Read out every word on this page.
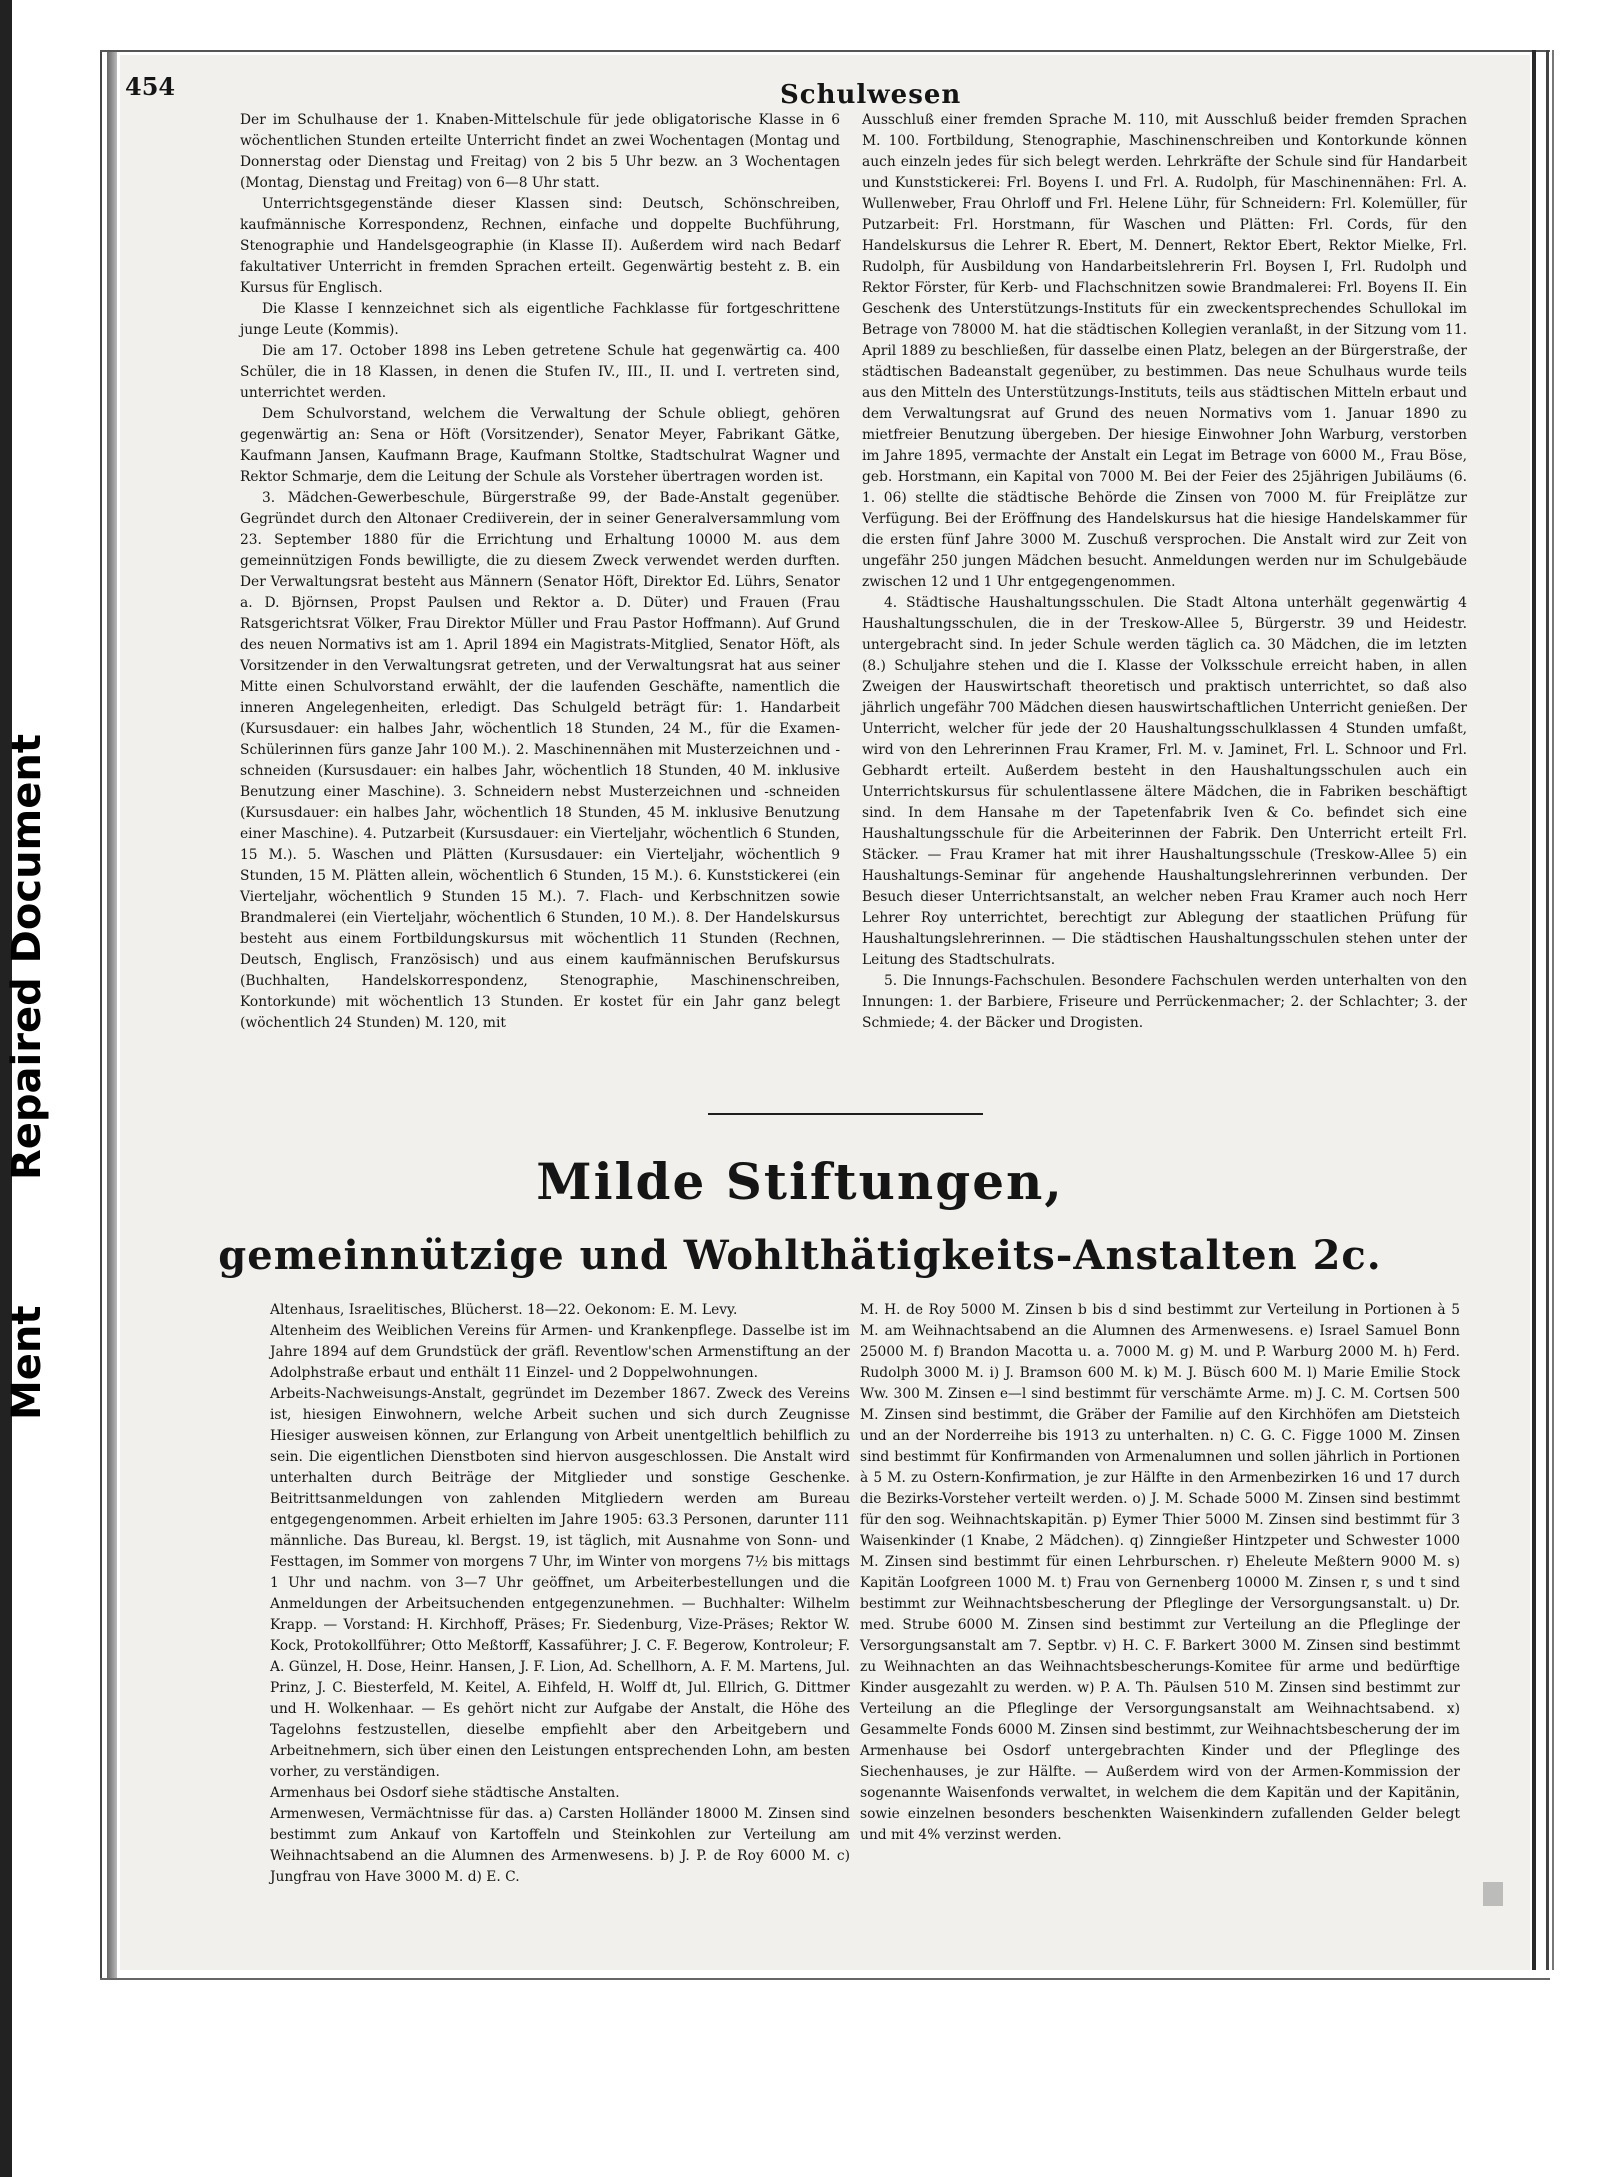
Repaired Document
Ment
454	Schulwesen

Der im Schulhause der 1. Knaben-Mittelschule für jede obligatorische Klasse in 6 wöchentlichen Stunden erteilte Unterricht findet an zwei Wochentagen (Montag und Donnerstag oder Dienstag und Freitag) von 2 bis 5 Uhr bezw. an 3 Wochentagen (Montag, Dienstag und Freitag) von 6—8 Uhr statt.

Unterrichtsgegenstände dieser Klassen sind: Deutsch, Schönschreiben, kaufmännische Korrespondenz, Rechnen, einfache und doppelte Buchführung, Stenographie und Handelsgeographie (in Klasse II). Außerdem wird nach Bedarf fakultativer Unterricht in fremden Sprachen erteilt. Gegenwärtig besteht z. B. ein Kursus für Englisch.

Die Klasse I kennzeichnet sich als eigentliche Fachklasse für fortgeschrittene junge Leute (Kommis).

Die am 17. October 1898 ins Leben getretene Schule hat gegenwärtig ca. 400 Schüler, die in 18 Klassen, in denen die Stufen IV., III., II. und I. vertreten sind, unterrichtet werden.

Dem Schulvorstand, welchem die Verwaltung der Schule obliegt, gehören gegenwärtig an: Sena or Höft (Vorsitzender), Senator Meyer, Fabrikant Gätke, Kaufmann Jansen, Kaufmann Brage, Kaufmann Stoltke, Stadtschulrat Wagner und Rektor Schmarje, dem die Leitung der Schule als Vorsteher übertragen worden ist.

3. Mädchen-Gewerbeschule, Bürgerstraße 99, der Bade-Anstalt gegenüber. Gegründet durch den Altonaer Crediiverein, der in seiner Generalversammlung vom 23. September 1880 für die Errichtung und Erhaltung 10000 M. aus dem gemeinnützigen Fonds bewilligte, die zu diesem Zweck verwendet werden durften. Der Verwaltungsrat besteht aus Männern (Senator Höft, Direktor Ed. Lührs, Senator a. D. Björnsen, Propst Paulsen und Rektor a. D. Düter) und Frauen (Frau Ratsgerichtsrat Völker, Frau Direktor Müller und Frau Pastor Hoffmann). Auf Grund des neuen Normativs ist am 1. April 1894 ein Magistrats-Mitglied, Senator Höft, als Vorsitzender in den Verwaltungsrat getreten, und der Verwaltungsrat hat aus seiner Mitte einen Schulvorstand erwählt, der die laufenden Geschäfte, namentlich die inneren Angelegenheiten, erledigt. Das Schulgeld beträgt für: 1. Handarbeit (Kursusdauer: ein halbes Jahr, wöchentlich 18 Stunden, 24 M., für die Examen-Schülerinnen fürs ganze Jahr 100 M.). 2. Maschinennähen mit Musterzeichnen und -schneiden (Kursusdauer: ein halbes Jahr, wöchentlich 18 Stunden, 40 M. inklusive Benutzung einer Maschine). 3. Schneidern nebst Musterzeichnen und -schneiden (Kursusdauer: ein halbes Jahr, wöchentlich 18 Stunden, 45 M. inklusive Benutzung einer Maschine). 4. Putzarbeit (Kursusdauer: ein Vierteljahr, wöchentlich 6 Stunden, 15 M.). 5. Waschen und Plätten (Kursusdauer: ein Vierteljahr, wöchentlich 9 Stunden, 15 M. Plätten allein, wöchentlich 6 Stunden, 15 M.). 6. Kunststickerei (ein Vierteljahr, wöchentlich 9 Stunden 15 M.). 7. Flach- und Kerbschnitzen sowie Brandmalerei (ein Vierteljahr, wöchentlich 6 Stunden, 10 M.). 8. Der Handelskursus besteht aus einem Fortbildungskursus mit wöchentlich 11 Stunden (Rechnen, Deutsch, Englisch, Französisch) und aus einem kaufmännischen Berufskursus (Buchhalten, Handelskorrespondenz, Stenographie, Maschinenschreiben, Kontorkunde) mit wöchentlich 13 Stunden. Er kostet für ein Jahr ganz belegt (wöchentlich 24 Stunden) M. 120, mit

Ausschluß einer fremden Sprache M. 110, mit Ausschluß beider fremden Sprachen M. 100. Fortbildung, Stenographie, Maschinenschreiben und Kontorkunde können auch einzeln jedes für sich belegt werden. Lehrkräfte der Schule sind für Handarbeit und Kunststickerei: Frl. Boyens I. und Frl. A. Rudolph, für Maschinennähen: Frl. A. Wullenweber, Frau Ohrloff und Frl. Helene Lühr, für Schneidern: Frl. Kolemüller, für Putzarbeit: Frl. Horstmann, für Waschen und Plätten: Frl. Cords, für den Handelskursus die Lehrer R. Ebert, M. Dennert, Rektor Ebert, Rektor Mielke, Frl. Rudolph, für Ausbildung von Handarbeitslehrerin Frl. Boysen I, Frl. Rudolph und Rektor Förster, für Kerb- und Flachschnitzen sowie Brandmalerei: Frl. Boyens II. Ein Geschenk des Unterstützungs-Instituts für ein zweckentsprechendes Schullokal im Betrage von 78000 M. hat die städtischen Kollegien veranlaßt, in der Sitzung vom 11. April 1889 zu beschließen, für dasselbe einen Platz, belegen an der Bürgerstraße, der städtischen Badeanstalt gegenüber, zu bestimmen. Das neue Schulhaus wurde teils aus den Mitteln des Unterstützungs-Instituts, teils aus städtischen Mitteln erbaut und dem Verwaltungsrat auf Grund des neuen Normativs vom 1. Januar 1890 zu mietfreier Benutzung übergeben. Der hiesige Einwohner John Warburg, verstorben im Jahre 1895, vermachte der Anstalt ein Legat im Betrage von 6000 M., Frau Böse, geb. Horstmann, ein Kapital von 7000 M. Bei der Feier des 25jährigen Jubiläums (6. 1. 06) stellte die städtische Behörde die Zinsen von 7000 M. für Freiplätze zur Verfügung. Bei der Eröffnung des Handelskursus hat die hiesige Handelskammer für die ersten fünf Jahre 3000 M. Zuschuß versprochen. Die Anstalt wird zur Zeit von ungefähr 250 jungen Mädchen besucht. Anmeldungen werden nur im Schulgebäude zwischen 12 und 1 Uhr entgegengenommen.

4. Städtische Haushaltungsschulen. Die Stadt Altona unterhält gegenwärtig 4 Haushaltungsschulen, die in der Treskow-Allee 5, Bürgerstr. 39 und Heidestr. untergebracht sind. In jeder Schule werden täglich ca. 30 Mädchen, die im letzten (8.) Schuljahre stehen und die I. Klasse der Volksschule erreicht haben, in allen Zweigen der Hauswirtschaft theoretisch und praktisch unterrichtet, so daß also jährlich ungefähr 700 Mädchen diesen hauswirtschaftlichen Unterricht genießen. Der Unterricht, welcher für jede der 20 Haushaltungsschulklassen 4 Stunden umfaßt, wird von den Lehrerinnen Frau Kramer, Frl. M. v. Jaminet, Frl. L. Schnoor und Frl. Gebhardt erteilt. Außerdem besteht in den Haushaltungsschulen auch ein Unterrichtskursus für schulentlassene ältere Mädchen, die in Fabriken beschäftigt sind. In dem Hansahe m der Tapetenfabrik Iven & Co. befindet sich eine Haushaltungsschule für die Arbeiterinnen der Fabrik. Den Unterricht erteilt Frl. Stäcker. — Frau Kramer hat mit ihrer Haushaltungsschule (Treskow-Allee 5) ein Haushaltungs-Seminar für angehende Haushaltungslehrerinnen verbunden. Der Besuch dieser Unterrichtsanstalt, an welcher neben Frau Kramer auch noch Herr Lehrer Roy unterrichtet, berechtigt zur Ablegung der staatlichen Prüfung für Haushaltungslehrerinnen. — Die städtischen Haushaltungsschulen stehen unter der Leitung des Stadtschulrats.

5. Die Innungs-Fachschulen. Besondere Fachschulen werden unterhalten von den Innungen: 1. der Barbiere, Friseure und Perrückenmacher; 2. der Schlachter; 3. der Schmiede; 4. der Bäcker und Drogisten.

Milde Stiftungen,
gemeinnützige und Wohlthätigkeits-Anstalten 2c.

Altenhaus, Israelitisches, Blücherst. 18—22. Oekonom: E. M. Levy.

Altenheim des Weiblichen Vereins für Armen- und Krankenpflege. Dasselbe ist im Jahre 1894 auf dem Grundstück der gräfl. Reventlow'schen Armenstiftung an der Adolphstraße erbaut und enthält 11 Einzel- und 2 Doppelwohnungen.

Arbeits-Nachweisungs-Anstalt, gegründet im Dezember 1867. Zweck des Vereins ist, hiesigen Einwohnern, welche Arbeit suchen und sich durch Zeugnisse Hiesiger ausweisen können, zur Erlangung von Arbeit unentgeltlich behilflich zu sein. Die eigentlichen Dienstboten sind hiervon ausgeschlossen. Die Anstalt wird unterhalten durch Beiträge der Mitglieder und sonstige Geschenke. Beitrittsanmeldungen von zahlenden Mitgliedern werden am Bureau entgegengenommen. Arbeit erhielten im Jahre 1905: 63.3 Personen, darunter 111 männliche. Das Bureau, kl. Bergst. 19, ist täglich, mit Ausnahme von Sonn- und Festtagen, im Sommer von morgens 7 Uhr, im Winter von morgens 7½ bis mittags 1 Uhr und nachm. von 3—7 Uhr geöffnet, um Arbeiterbestellungen und die Anmeldungen der Arbeitsuchenden entgegenzunehmen. — Buchhalter: Wilhelm Krapp. — Vorstand: H. Kirchhoff, Präses; Fr. Siedenburg, Vize-Präses; Rektor W. Kock, Protokollführer; Otto Meßtorff, Kassaführer; J. C. F. Begerow, Kontroleur; F. A. Günzel, H. Dose, Heinr. Hansen, J. F. Lion, Ad. Schellhorn, A. F. M. Martens, Jul. Prinz, J. C. Biesterfeld, M. Keitel, A. Eihfeld, H. Wolff dt, Jul. Ellrich, G. Dittmer und H. Wolkenhaar. — Es gehört nicht zur Aufgabe der Anstalt, die Höhe des Tagelohns festzustellen, dieselbe empfiehlt aber den Arbeitgebern und Arbeitnehmern, sich über einen den Leistungen entsprechenden Lohn, am besten vorher, zu verständigen.

Armenhaus bei Osdorf siehe städtische Anstalten.

Armenwesen, Vermächtnisse für das. a) Carsten Holländer 18000 M. Zinsen sind bestimmt zum Ankauf von Kartoffeln und Steinkohlen zur Verteilung am Weihnachtsabend an die Alumnen des Armenwesens. b) J. P. de Roy 6000 M. c) Jungfrau von Have 3000 M. d) E. C.

M. H. de Roy 5000 M. Zinsen b bis d sind bestimmt zur Verteilung in Portionen à 5 M. am Weihnachtsabend an die Alumnen des Armenwesens. e) Israel Samuel Bonn 25000 M. f) Brandon Macotta u. a. 7000 M. g) M. und P. Warburg 2000 M. h) Ferd. Rudolph 3000 M. i) J. Bramson 600 M. k) M. J. Büsch 600 M. l) Marie Emilie Stock Ww. 300 M. Zinsen e—l sind bestimmt für verschämte Arme. m) J. C. M. Cortsen 500 M. Zinsen sind bestimmt, die Gräber der Familie auf den Kirchhöfen am Dietsteich und an der Norderreihe bis 1913 zu unterhalten. n) C. G. C. Figge 1000 M. Zinsen sind bestimmt für Konfirmanden von Armenalumnen und sollen jährlich in Portionen à 5 M. zu Ostern-Konfirmation, je zur Hälfte in den Armenbezirken 16 und 17 durch die Bezirks-Vorsteher verteilt werden. o) J. M. Schade 5000 M. Zinsen sind bestimmt für den sog. Weihnachtskapitän. p) Eymer Thier 5000 M. Zinsen sind bestimmt für 3 Waisenkinder (1 Knabe, 2 Mädchen). q) Zinngießer Hintzpeter und Schwester 1000 M. Zinsen sind bestimmt für einen Lehrburschen. r) Eheleute Meßtern 9000 M. s) Kapitän Loofgreen 1000 M. t) Frau von Gernenberg 10000 M. Zinsen r, s und t sind bestimmt zur Weihnachtsbescherung der Pfleglinge der Versorgungsanstalt. u) Dr. med. Strube 6000 M. Zinsen sind bestimmt zur Verteilung an die Pfleglinge der Versorgungsanstalt am 7. Septbr. v) H. C. F. Barkert 3000 M. Zinsen sind bestimmt zu Weihnachten an das Weihnachtsbescherungs-Komitee für arme und bedürftige Kinder ausgezahlt zu werden. w) P. A. Th. Päulsen 510 M. Zinsen sind bestimmt zur Verteilung an die Pfleglinge der Versorgungsanstalt am Weihnachtsabend. x) Gesammelte Fonds 6000 M. Zinsen sind bestimmt, zur Weihnachtsbescherung der im Armenhause bei Osdorf untergebrachten Kinder und der Pfleglinge des Siechenhauses, je zur Hälfte. — Außerdem wird von der Armen-Kommission der sogenannte Waisenfonds verwaltet, in welchem die dem Kapitän und der Kapitänin, sowie einzelnen besonders beschenkten Waisenkindern zufallenden Gelder belegt und mit 4% verzinst werden.
